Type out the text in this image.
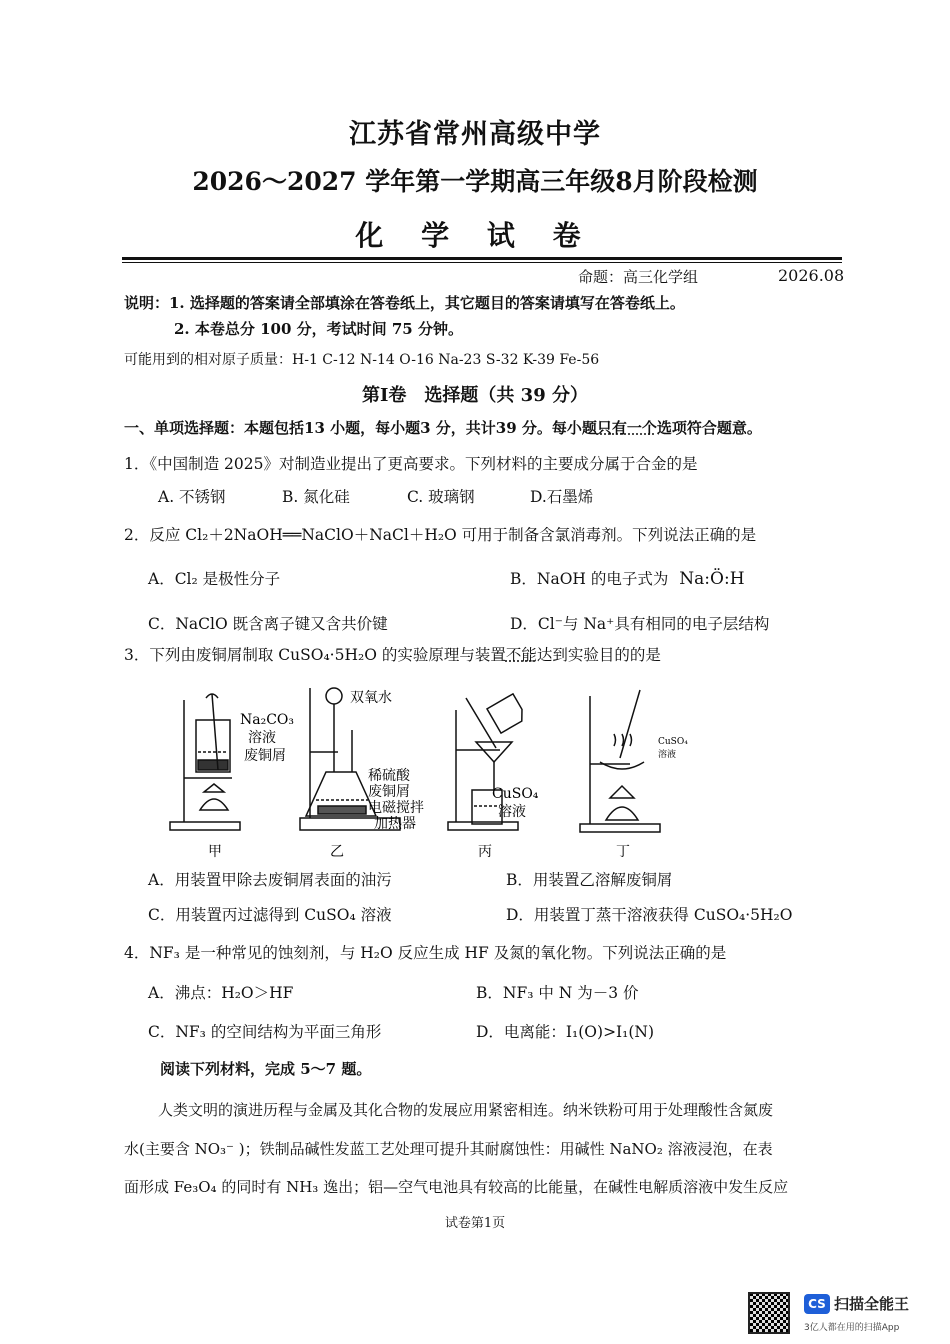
江苏省常州高级中学
2026～2027 学年第一学期高三年级8月阶段检测
化 学 试 卷
命题：高三化学组	2026.08
说明：1. 选择题的答案请全部填涂在答卷纸上，其它题目的答案请填写在答卷纸上。
2. 本卷总分 100 分，考试时间 75 分钟。
可能用到的相对原子质量：H-1 C-12 N-14 O-16 Na-23 S-32 K-39 Fe-56
第Ⅰ卷　选择题（共 39 分）
一、单项选择题：本题包括13 小题，每小题3 分，共计39 分。每小题只有一个选项符合题意。
1．《中国制造 2025》对制造业提出了更高要求。下列材料的主要成分属于合金的是
A. 不锈钢	B. 氮化硅	C. 玻璃钢	D.石墨烯
2．反应 Cl₂＋2NaOH══NaClO＋NaCl＋H₂O 可用于制备含氯消毒剂。下列说法正确的是
A．Cl₂ 是极性分子	B．NaOH 的电子式为 Na:Ö:H
C．NaClO 既含离子键又含共价键	D．Cl⁻与 Na⁺具有相同的电子层结构
3．下列由废铜屑制取 CuSO₄·5H₂O 的实验原理与装置不能达到实验目的的是
Na₂CO₃
溶液
废铜屑
双氧水
稀硫酸
废铜屑
电磁搅拌
加热器
CuSO₄
溶液
CuSO₄
溶液
甲	乙	丙	丁
A．用装置甲除去废铜屑表面的油污	B．用装置乙溶解废铜屑
C．用装置丙过滤得到 CuSO₄ 溶液	D．用装置丁蒸干溶液获得 CuSO₄·5H₂O
4．NF₃ 是一种常见的蚀刻剂，与 H₂O 反应生成 HF 及氮的氧化物。下列说法正确的是
A．沸点：H₂O＞HF	B．NF₃ 中 N 为－3 价
C．NF₃ 的空间结构为平面三角形	D．电离能：I₁(O)>I₁(N)
阅读下列材料，完成 5～7 题。
人类文明的演进历程与金属及其化合物的发展应用紧密相连。纳米铁粉可用于处理酸性含氮废
水(主要含 NO₃⁻ )；铁制品碱性发蓝工艺处理可提升其耐腐蚀性：用碱性 NaNO₂ 溶液浸泡，在表
面形成 Fe₃O₄ 的同时有 NH₃ 逸出；铝—空气电池具有较高的比能量，在碱性电解质溶液中发生反应
试卷第1页
CS 扫描全能王
3亿人都在用的扫描App
